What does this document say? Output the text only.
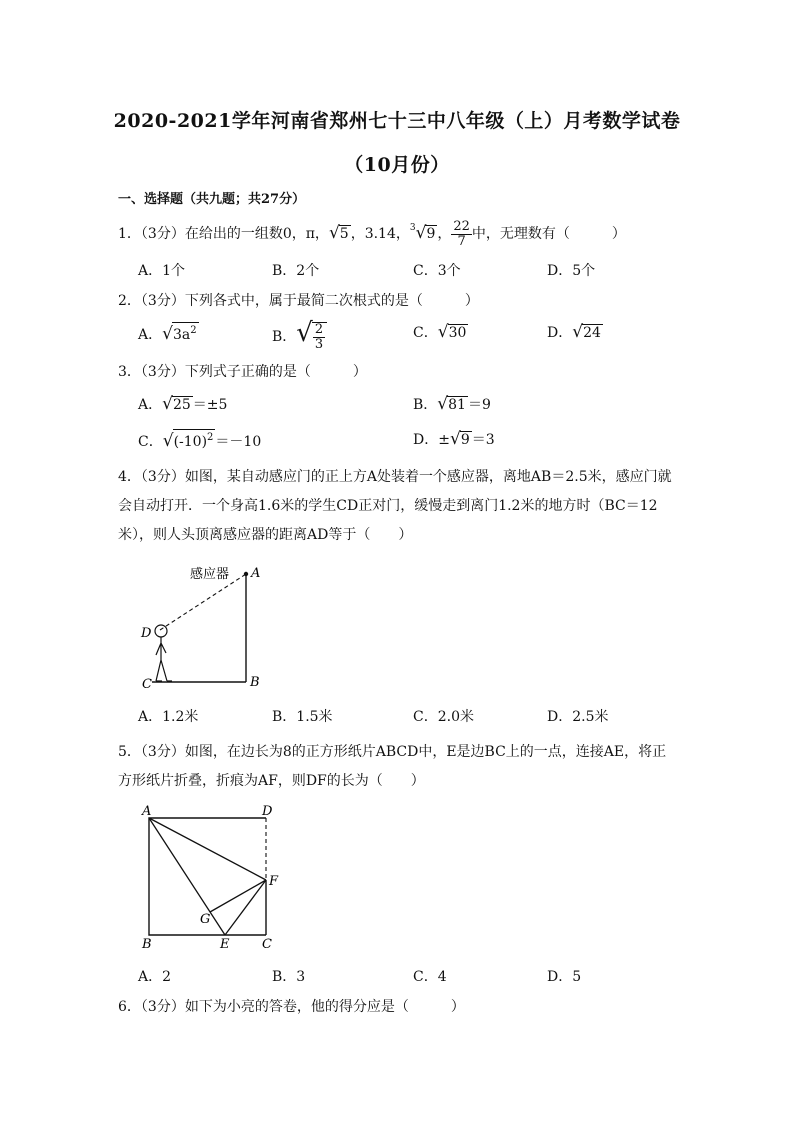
2020-2021学年河南省郑州七十三中八年级（上）月考数学试卷
（10月份）
一、选择题（共九题；共27分）
1．（3分）在给出的一组数0，π，√5 ，3.14，$^3$√9 ， $\frac{22}{7}$ 中，无理数有（	）
A．1个	B．2个	C．3个	D．5个
2．（3分）下列各式中，属于最简二次根式的是（	）
A．$√3a^2$	B．√ $\frac{2}{3}$	C．√30	D．√24
3．（3分）下列式子正确的是（	）
A．√25 ＝±5	B．√81 ＝9
C．$√(-10)^2 =-10$	D．±√9 ＝3
4．（3分）如图，某自动感应门的正上方A处装着一个感应器，离地AB＝2.5米，感应门就
会自动打开．一个身高1.6米的学生CD正对门，缓慢走到离门1.2米的地方时（BC＝12
米），则人头顶离感应器的距离AD等于（　　）
感应器 A
B
C
D
A．1.2米	B．1.5米	C．2.0米	D．2.5米
5．（3分）如图，在边长为8的正方形纸片ABCD中，E是边BC上的一点，连接AE，将正
方形纸片折叠，折痕为AF，则DF的长为（　　）
A	D
B	E	C
F
G
A．2	B．3	C．4	D．5
6．（3分）如下为小亮的答卷，他的得分应是（	）
